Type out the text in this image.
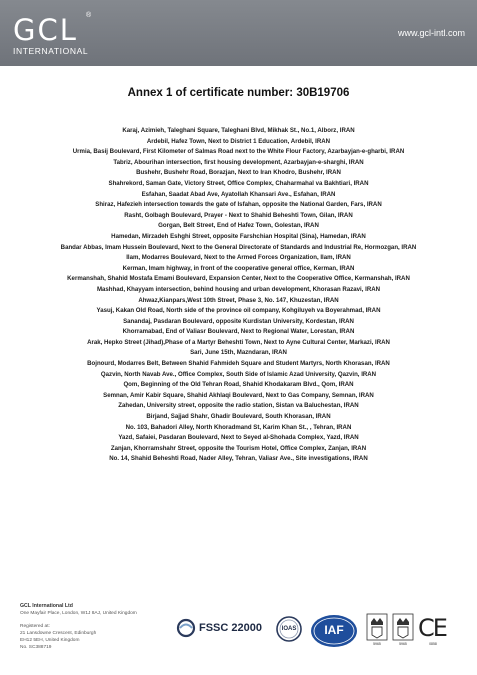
GCL ®
INTERNATIONAL
www.gcl-intl.com
Annex 1 of certificate number: 30B19706
Karaj, Azimieh, Taleghani Square, Taleghani Blvd, Mikhak St., No.1, Alborz, IRAN
Ardebil, Hafez Town, Next to District 1 Education, Ardebil, IRAN
Urmia, Basij Boulevard, First Kilometer of Salmas Road next to the White Flour Factory, Azarbayjan-e-gharbi, IRAN
Tabriz, Abourihan intersection, first housing development, Azarbayjan-e-sharghi, IRAN
Bushehr, Bushehr Road, Borazjan, Next to Iran Khodro, Bushehr, IRAN
Shahrekord, Saman Gate, Victory Street, Office Complex, Chaharmahal va Bakhtiari, IRAN
Esfahan, Saadat Abad Ave, Ayatollah Khansari Ave., Esfahan, IRAN
Shiraz, Hafezieh intersection towards the gate of Isfahan, opposite the National Garden, Fars, IRAN
Rasht, Golbagh Boulevard, Prayer - Next to Shahid Beheshti Town, Gilan, IRAN
Gorgan, Belt Street, End of Hafez Town, Golestan, IRAN
Hamedan, Mirzadeh Eshghi Street, opposite Farshchian Hospital (Sina), Hamedan, IRAN
Bandar Abbas, Imam Hussein Boulevard, Next to the General Directorate of Standards and Industrial Re, Hormozgan, IRAN
Ilam, Modarres Boulevard, Next to the Armed Forces Organization, Ilam, IRAN
Kerman, Imam highway, in front of the cooperative general office, Kerman, IRAN
Kermanshah, Shahid Mostafa Emami Boulevard, Expansion Center, Next to the Cooperative Office, Kermanshah, IRAN
Mashhad, Khayyam intersection, behind housing and urban development, Khorasan Razavi, IRAN
Ahwaz,Kianpars,West 10th Street, Phase 3, No. 147, Khuzestan, IRAN
Yasuj, Kakan Old Road, North side of the province oil company, Kohgiluyeh va Boyerahmad, IRAN
Sanandaj, Pasdaran Boulevard, opposite Kurdistan University, Kordestan, IRAN
Khorramabad, End of Valiasr Boulevard, Next to Regional Water, Lorestan, IRAN
Arak, Hepko Street (Jihad),Phase of a Martyr Beheshti Town, Next to Ayne Cultural Center, Markazi, IRAN
Sari, June 15th, Mazndaran, IRAN
Bojnourd, Modarres Belt, Between Shahid Fahmideh Square and Student Martyrs, North Khorasan, IRAN
Qazvin, North Navab Ave., Office Complex, South Side of Islamic Azad University, Qazvin, IRAN
Qom, Beginning of the Old Tehran Road, Shahid Khodakaram Blvd., Qom, IRAN
Semnan, Amir Kabir Square, Shahid Akhlaqi Boulevard, Next to Gas Company, Semnan, IRAN
Zahedan, University street, opposite the radio station, Sistan va Baluchestan, IRAN
Birjand, Sajjad Shahr, Ghadir Boulevard, South Khorasan, IRAN
No. 103, Bahadori Alley, North Khoradmand St, Karim Khan St., , Tehran, IRAN
Yazd, Safaiei, Pasdaran Boulevard, Next to Seyed al-Shohada Complex, Yazd, IRAN
Zanjan, Khorramshahr Street, opposite the Tourism Hotel, Office Complex, Zanjan, IRAN
No. 14, Shahid Beheshti Road, Nader Alley, Tehran, Valiasr Ave., Site investigations, IRAN
GCL International Ltd
One Mayfair Place, London, W1J 8AJ, United Kingdom
Registered at:
21 Lansdowne Crescent, Edinburgh
EH12 5EH, United Kingdom
No. SC388719
FSSC 22000	IOAS	IAF
5965	5965
CE
0858
